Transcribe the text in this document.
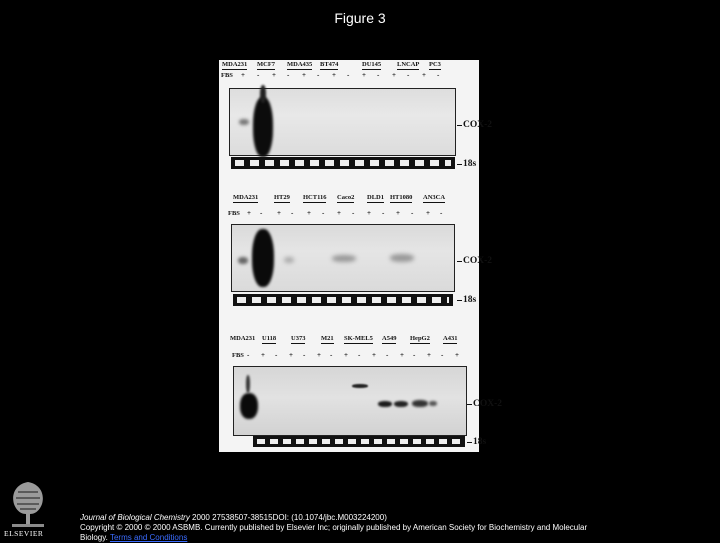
Figure 3
MDA231 MCF7 MDA435 BT474	DU145 LNCAP PC3
FBS + - + - + - + - + - + - + -
COX-2
18s
MDA231 HT29 HCT116 Caco2 DLD1 HT1080 AN3CA
FBS + - + - + - + - + - + - + -
COX-2
18s
MDA231 U118 U373 M21 SK-MEL5 A549 HepG2 A431
FBS - + - + - + - + - + - + - + - +
COX-2
18s
ELSEVIER
Journal of Biological Chemistry 2000 27538507-38515DOI: (10.1074/jbc.M003224200)
Copyright © 2000 © 2000 ASBMB. Currently published by Elsevier Inc; originally published by American Society for Biochemistry and Molecular Biology. Terms and Conditions
